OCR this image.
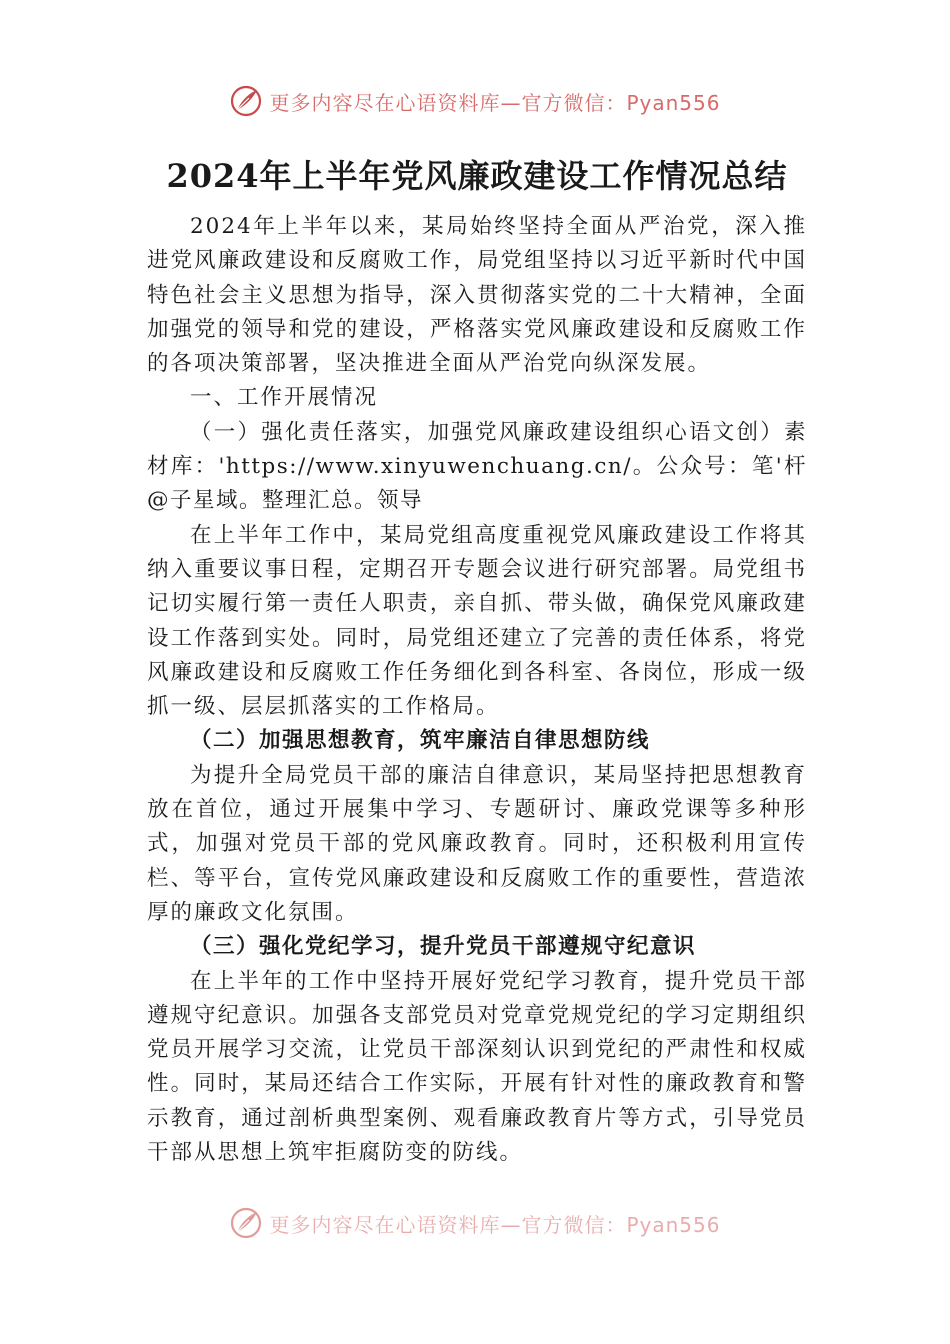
更多内容尽在心语资料库—官方微信：Pyan556
2024年上半年党风廉政建设工作情况总结

2024年上半年以来，某局始终坚持全面从严治党，深入推进党风廉政建设和反腐败工作，局党组坚持以习近平新时代中国特色社会主义思想为指导，深入贯彻落实党的二十大精神，全面加强党的领导和党的建设，严格落实党风廉政建设和反腐败工作的各项决策部署，坚决推进全面从严治党向纵深发展。

一、工作开展情况

（一）强化责任落实，加强党风廉政建设组织心语文创）素材库：'https://www.xinyuwenchuang.cn/。公众号：笔'杆@子星域。整理汇总。领导

在上半年工作中，某局党组高度重视党风廉政建设工作将其纳入重要议事日程，定期召开专题会议进行研究部署。局党组书记切实履行第一责任人职责，亲自抓、带头做，确保党风廉政建设工作落到实处。同时，局党组还建立了完善的责任体系，将党风廉政建设和反腐败工作任务细化到各科室、各岗位，形成一级抓一级、层层抓落实的工作格局。

（二）加强思想教育，筑牢廉洁自律思想防线

为提升全局党员干部的廉洁自律意识，某局坚持把思想教育放在首位，通过开展集中学习、专题研讨、廉政党课等多种形式，加强对党员干部的党风廉政教育。同时，还积极利用宣传栏、等平台，宣传党风廉政建设和反腐败工作的重要性，营造浓厚的廉政文化氛围。

（三）强化党纪学习，提升党员干部遵规守纪意识

在上半年的工作中坚持开展好党纪学习教育，提升党员干部遵规守纪意识。加强各支部党员对党章党规党纪的学习定期组织党员开展学习交流，让党员干部深刻认识到党纪的严肃性和权威性。同时，某局还结合工作实际，开展有针对性的廉政教育和警示教育，通过剖析典型案例、观看廉政教育片等方式，引导党员干部从思想上筑牢拒腐防变的防线。

更多内容尽在心语资料库—官方微信：Pyan556
